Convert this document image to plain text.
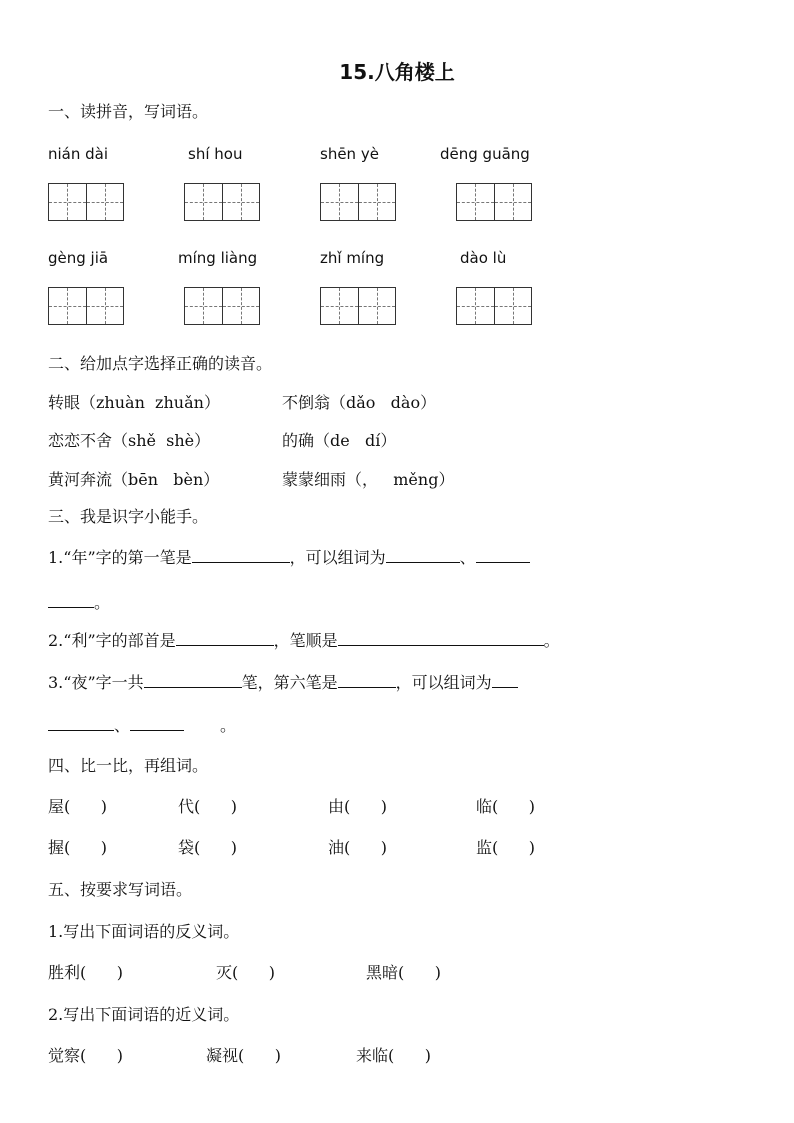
15.八角楼上
一、读拼音，写词语。
nián dài	shí hou	shēn yè	dēng guāng
gèng jiā	míng liàng	zhǐ míng	dào lù
二、给加点字选择正确的读音。
转眼（zhuàn  zhuǎn）	不倒翁（dǎo   dào）
恋恋不舍（shě  shè）	的确（de   dí）
黄河奔流（bēn   bèn）	蒙蒙细雨（，   měng）
三、我是识字小能手。
1.“年”字的第一笔是	，可以组词为	、
。
2.“利”字的部首是	，笔顺是	。
3.“夜”字一共	笔，第六笔是	，可以组词为
、	。
四、比一比，再组词。
屋(      )	代(      )	由(      )	临(      )
握(      )	袋(      )	油(      )	监(      )
五、按要求写词语。
1.写出下面词语的反义词。
胜利(      )	灭(      )	黑暗(      )
2.写出下面词语的近义词。
觉察(      )	凝视(      )	来临(      )
